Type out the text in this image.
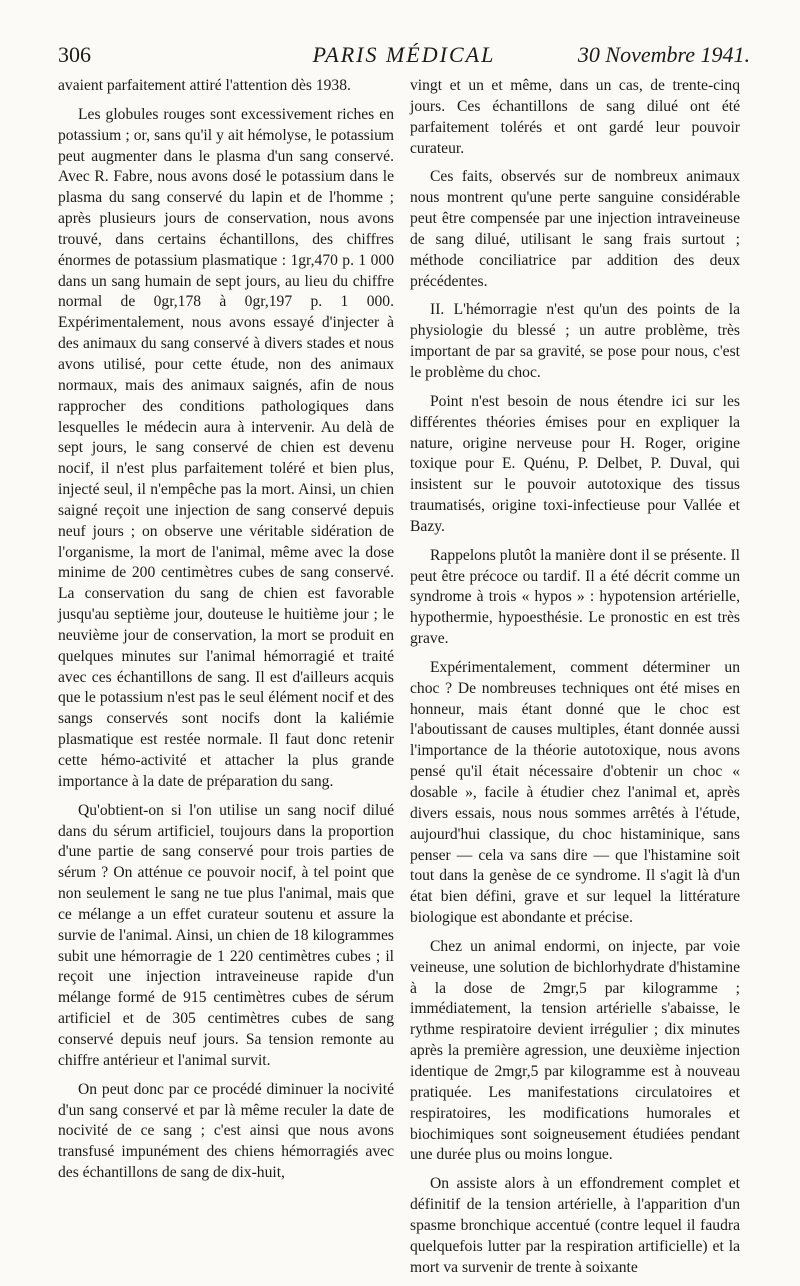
306	PARIS MÉDICAL	30 Novembre 1941.

avaient parfaitement attiré l'attention dès 1938.

Les globules rouges sont excessivement riches en potassium ; or, sans qu'il y ait hémolyse, le potassium peut augmenter dans le plasma d'un sang conservé. Avec R. Fabre, nous avons dosé le potassium dans le plasma du sang conservé du lapin et de l'homme ; après plusieurs jours de conservation, nous avons trouvé, dans certains échantillons, des chiffres énormes de potassium plasmatique : 1gr,470 p. 1 000 dans un sang humain de sept jours, au lieu du chiffre normal de 0gr,178 à 0gr,197 p. 1 000. Expérimentalement, nous avons essayé d'injecter à des animaux du sang conservé à divers stades et nous avons utilisé, pour cette étude, non des animaux normaux, mais des animaux saignés, afin de nous rapprocher des conditions pathologiques dans lesquelles le médecin aura à intervenir. Au delà de sept jours, le sang conservé de chien est devenu nocif, il n'est plus parfaitement toléré et bien plus, injecté seul, il n'empêche pas la mort. Ainsi, un chien saigné reçoit une injection de sang conservé depuis neuf jours ; on observe une véritable sidération de l'organisme, la mort de l'animal, même avec la dose minime de 200 centimètres cubes de sang conservé. La conservation du sang de chien est favorable jusqu'au septième jour, douteuse le huitième jour ; le neuvième jour de conservation, la mort se produit en quelques minutes sur l'animal hémorragié et traité avec ces échantillons de sang. Il est d'ailleurs acquis que le potassium n'est pas le seul élément nocif et des sangs conservés sont nocifs dont la kaliémie plasmatique est restée normale. Il faut donc retenir cette hémo-activité et attacher la plus grande importance à la date de préparation du sang.

Qu'obtient-on si l'on utilise un sang nocif dilué dans du sérum artificiel, toujours dans la proportion d'une partie de sang conservé pour trois parties de sérum ? On atténue ce pouvoir nocif, à tel point que non seulement le sang ne tue plus l'animal, mais que ce mélange a un effet curateur soutenu et assure la survie de l'animal. Ainsi, un chien de 18 kilogrammes subit une hémorragie de 1 220 centimètres cubes ; il reçoit une injection intraveineuse rapide d'un mélange formé de 915 centimètres cubes de sérum artificiel et de 305 centimètres cubes de sang conservé depuis neuf jours. Sa tension remonte au chiffre antérieur et l'animal survit.

On peut donc par ce procédé diminuer la nocivité d'un sang conservé et par là même reculer la date de nocivité de ce sang ; c'est ainsi que nous avons transfusé impunément des chiens hémorragiés avec des échantillons de sang de dix-huit,

vingt et un et même, dans un cas, de trente-cinq jours. Ces échantillons de sang dilué ont été parfaitement tolérés et ont gardé leur pouvoir curateur.

Ces faits, observés sur de nombreux animaux nous montrent qu'une perte sanguine considérable peut être compensée par une injection intraveineuse de sang dilué, utilisant le sang frais surtout ; méthode conciliatrice par addition des deux précédentes.

II. L'hémorragie n'est qu'un des points de la physiologie du blessé ; un autre problème, très important de par sa gravité, se pose pour nous, c'est le problème du choc.

Point n'est besoin de nous étendre ici sur les différentes théories émises pour en expliquer la nature, origine nerveuse pour H. Roger, origine toxique pour E. Quénu, P. Delbet, P. Duval, qui insistent sur le pouvoir autotoxique des tissus traumatisés, origine toxi-infectieuse pour Vallée et Bazy.

Rappelons plutôt la manière dont il se présente. Il peut être précoce ou tardif. Il a été décrit comme un syndrome à trois « hypos » : hypotension artérielle, hypothermie, hypoesthésie. Le pronostic en est très grave.

Expérimentalement, comment déterminer un choc ? De nombreuses techniques ont été mises en honneur, mais étant donné que le choc est l'aboutissant de causes multiples, étant donnée aussi l'importance de la théorie autotoxique, nous avons pensé qu'il était nécessaire d'obtenir un choc « dosable », facile à étudier chez l'animal et, après divers essais, nous nous sommes arrêtés à l'étude, aujourd'hui classique, du choc histaminique, sans penser — cela va sans dire — que l'histamine soit tout dans la genèse de ce syndrome. Il s'agit là d'un état bien défini, grave et sur lequel la littérature biologique est abondante et précise.

Chez un animal endormi, on injecte, par voie veineuse, une solution de bichlorhydrate d'histamine à la dose de 2mgr,5 par kilogramme ; immédiatement, la tension artérielle s'abaisse, le rythme respiratoire devient irrégulier ; dix minutes après la première agression, une deuxième injection identique de 2mgr,5 par kilogramme est à nouveau pratiquée. Les manifestations circulatoires et respiratoires, les modifications humorales et biochimiques sont soigneusement étudiées pendant une durée plus ou moins longue.

On assiste alors à un effondrement complet et définitif de la tension artérielle, à l'apparition d'un spasme bronchique accentué (contre lequel il faudra quelquefois lutter par la respiration artificielle) et la mort va survenir de trente à soixante
